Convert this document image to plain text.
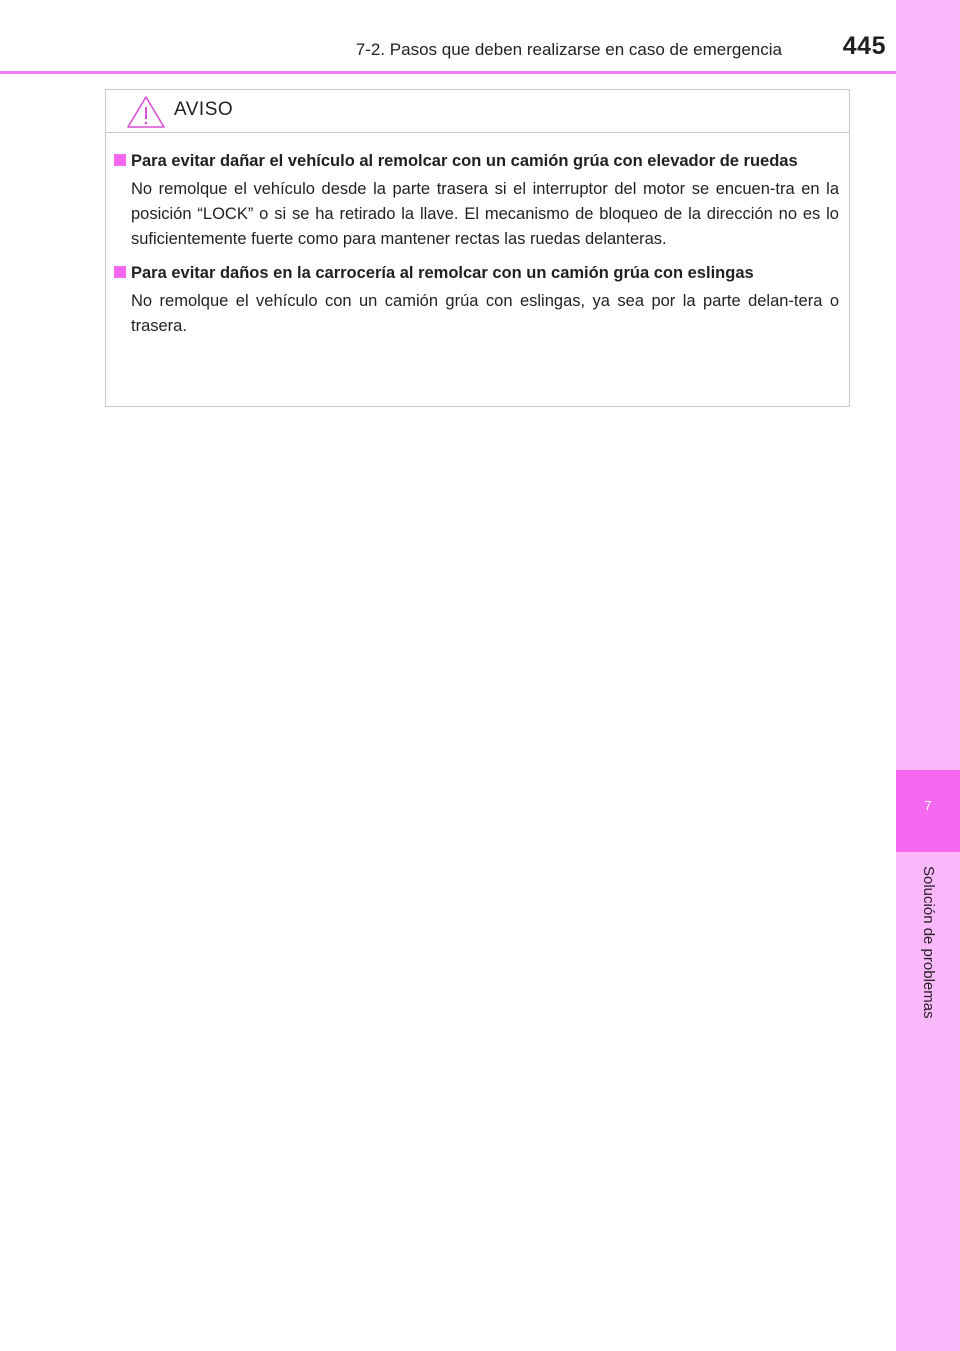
7
Solución de problemas
7-2. Pasos que deben realizarse en caso de emergencia	445
AVISO
Para evitar dañar el vehículo al remolcar con un camión grúa con elevador de ruedas
No remolque el vehículo desde la parte trasera si el interruptor del motor se encuen-tra en la posición “LOCK” o si se ha retirado la llave. El mecanismo de bloqueo de la dirección no es lo suficientemente fuerte como para mantener rectas las ruedas delanteras.
Para evitar daños en la carrocería al remolcar con un camión grúa con eslingas
No remolque el vehículo con un camión grúa con eslingas, ya sea por la parte delan-tera o trasera.
